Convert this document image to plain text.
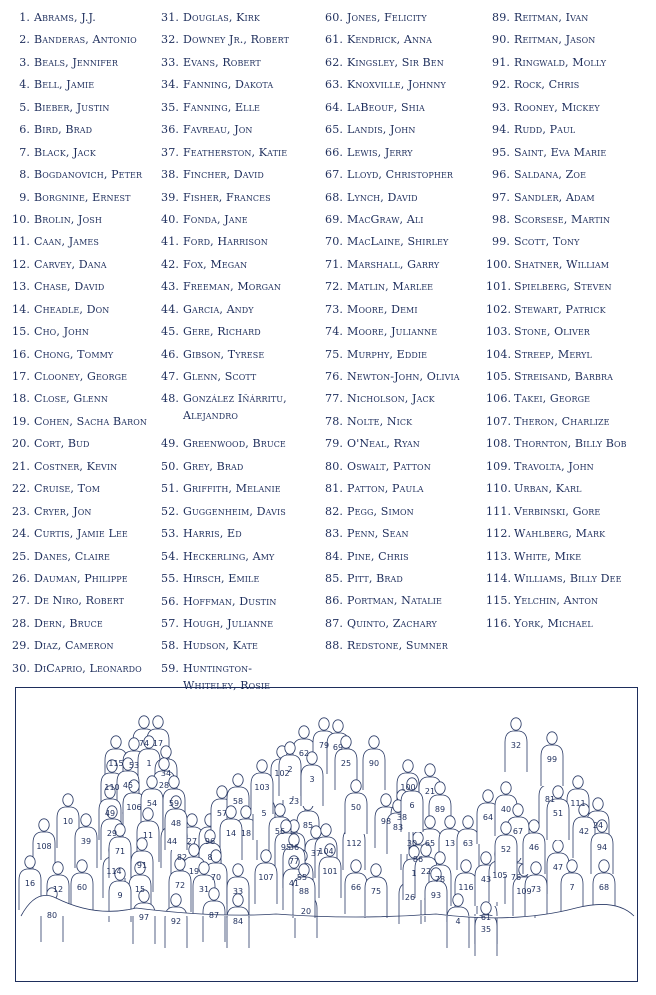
1. Abrams, J.J.
2. Banderas, Antonio
3. Beals, Jennifer
4. Bell, Jamie
5. Bieber, Justin
6. Bird, Brad
7. Black, Jack
8. Bogdanovich, Peter
9. Borgnine, Ernest
10. Brolin, Josh
11. Caan, James
12. Carvey, Dana
13. Chase, David
14. Cheadle, Don
15. Cho, John
16. Chong, Tommy
17. Clooney, George
18. Close, Glenn
19. Cohen, Sacha Baron
20. Cort, Bud
21. Costner, Kevin
22. Cruise, Tom
23. Cryer, Jon
24. Curtis, Jamie Lee
25. Danes, Claire
26. Dauman, Philippe
27. De Niro, Robert
28. Dern, Bruce
29. Diaz, Cameron
30. DiCaprio, Leonardo
31. Douglas, Kirk
32. Downey Jr., Robert
33. Evans, Robert
34. Fanning, Dakota
35. Fanning, Elle
36. Favreau, Jon
37. Featherston, Katie
38. Fincher, David
39. Fisher, Frances
40. Fonda, Jane
41. Ford, Harrison
42. Fox, Megan
43. Freeman, Morgan
44. Garcia, Andy
45. Gere, Richard
46. Gibson, Tyrese
47. Glenn, Scott
48. González Iñárritu,
Alejandro
49. Greenwood, Bruce
50. Grey, Brad
51. Griffith, Melanie
52. Guggenheim, Davis
53. Harris, Ed
54. Heckerling, Amy
55. Hirsch, Emile
56. Hoffman, Dustin
57. Hough, Julianne
58. Hudson, Kate
59. Huntington-
Whiteley, Rosie
60. Jones, Felicity
61. Kendrick, Anna
62. Kingsley, Sir Ben
63. Knoxville, Johnny
64. LaBeouf, Shia
65. Landis, John
66. Lewis, Jerry
67. Lloyd, Christopher
68. Lynch, David
69. MacGraw, Ali
70. MacLaine, Shirley
71. Marshall, Garry
72. Matlin, Marlee
73. Moore, Demi
74. Moore, Julianne
75. Murphy, Eddie
76. Newton-John, Olivia
77. Nicholson, Jack
78. Nolte, Nick
79. O'Neal, Ryan
80. Oswalt, Patton
81. Patton, Paula
82. Pegg, Simon
83. Penn, Sean
84. Pine, Chris
85. Pitt, Brad
86. Portman, Natalie
87. Quinto, Zachary
88. Redstone, Sumner
89. Reitman, Ivan
90. Reitman, Jason
91. Ringwald, Molly
92. Rock, Chris
93. Rooney, Mickey
94. Rudd, Paul
95. Saint, Eva Marie
96. Saldana, Zoe
97. Sandler, Adam
98. Scorsese, Martin
99. Scott, Tony
100. Shatner, William
101. Spielberg, Steven
102. Stewart, Patrick
103. Stone, Oliver
104. Streep, Meryl
105. Streisand, Barbra
106. Takei, George
107. Theron, Charlize
108. Thornton, Billy Bob
109. Travolta, John
110. Urban, Karl
111. Verbinski, Gore
112. Wahlberg, Mark
113. White, Mike
114. Williams, Billy Dee
115. Yelchin, Anton
116. York, Michael
74 17
115 53 1
34
110 45	28
106 54 59
49
10
108
39
29	11
44 27 96
57
58
18
14
114
71
91
82	8
19
70
33
16
12 60	15	72
9
31
80	97	92
87
84
5
23
85
36
37
55
20
102
62
79 69
103
2
3
25 90
100 21
89
56
95
77
104
112
98
30 65 13 63
26
86
61
50
81 111
101
41
107
88	66 75
1 22
116
78
93
43 105 76
109
24
42
64
40
67
94
32
99
52 46
47
73	7	68
4
35
38
83
6
48
51
